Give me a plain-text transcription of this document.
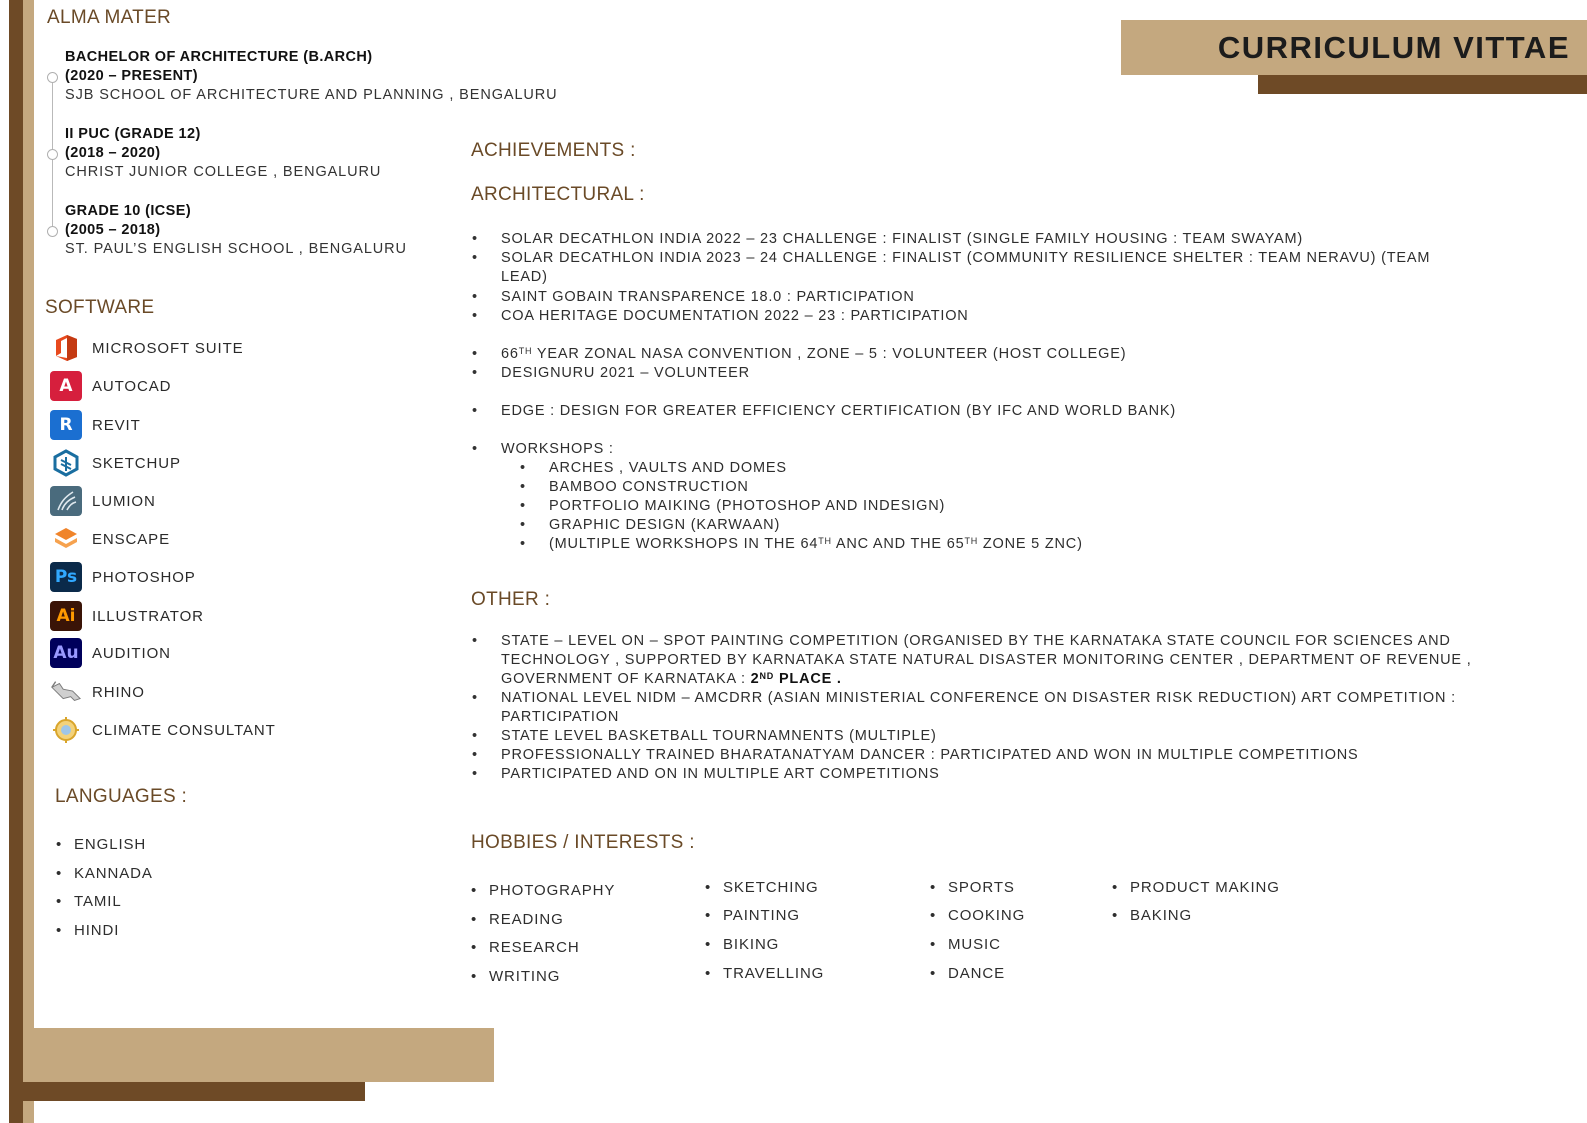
CURRICULUM VITTAE
ALMA MATER
BACHELOR OF ARCHITECTURE (B.ARCH)
(2020 – PRESENT)
SJB SCHOOL OF ARCHITECTURE AND PLANNING , BENGALURU
II PUC (GRADE 12)
(2018 – 2020)
CHRIST JUNIOR COLLEGE , BENGALURU
GRADE 10 (ICSE)
(2005 – 2018)
ST. PAUL’S ENGLISH SCHOOL , BENGALURU
SOFTWARE
MICROSOFT SUITE
A	AUTOCAD
R	REVIT
SKETCHUP
LUMION
ENSCAPE
Ps PHOTOSHOP
Ai	ILLUSTRATOR
Au AUDITION
RHINO
CLIMATE CONSULTANT
LANGUAGES :
• ENGLISH
• KANNADA
• TAMIL
• HINDI
ACHIEVEMENTS :
ARCHITECTURAL :
• SOLAR DECATHLON INDIA 2022 – 23 CHALLENGE : FINALIST (SINGLE FAMILY HOUSING : TEAM SWAYAM)
• SOLAR DECATHLON INDIA 2023 – 24 CHALLENGE : FINALIST (COMMUNITY RESILIENCE SHELTER : TEAM NERAVU) (TEAM
LEAD)
• SAINT GOBAIN TRANSPARENCE 18.0 : PARTICIPATION
• COA HERITAGE DOCUMENTATION 2022 – 23 : PARTICIPATION
• 66TH YEAR ZONAL NASA CONVENTION , ZONE – 5 : VOLUNTEER (HOST COLLEGE)
• DESIGNURU 2021 – VOLUNTEER
• EDGE : DESIGN FOR GREATER EFFICIENCY CERTIFICATION (BY IFC AND WORLD BANK)
• WORKSHOPS :
• ARCHES , VAULTS AND DOMES
• BAMBOO CONSTRUCTION
• PORTFOLIO MAIKING (PHOTOSHOP AND INDESIGN)
• GRAPHIC DESIGN (KARWAAN)
• (MULTIPLE WORKSHOPS IN THE 64TH ANC AND THE 65TH ZONE 5 ZNC)
OTHER :
• STATE – LEVEL ON – SPOT PAINTING COMPETITION (ORGANISED BY THE KARNATAKA STATE COUNCIL FOR SCIENCES AND
TECHNOLOGY , SUPPORTED BY KARNATAKA STATE NATURAL DISASTER MONITORING CENTER , DEPARTMENT OF REVENUE ,
GOVERNMENT OF KARNATAKA : 2ND PLACE .
• NATIONAL LEVEL NIDM – AMCDRR (ASIAN MINISTERIAL CONFERENCE ON DISASTER RISK REDUCTION) ART COMPETITION :
PARTICIPATION
• STATE LEVEL BASKETBALL TOURNAMNENTS (MULTIPLE)
• PROFESSIONALLY TRAINED BHARATANATYAM DANCER : PARTICIPATED AND WON IN MULTIPLE COMPETITIONS
• PARTICIPATED AND ON IN MULTIPLE ART COMPETITIONS
HOBBIES / INTERESTS :
• PHOTOGRAPHY
• READING
• RESEARCH
• WRITING
• SKETCHING
• PAINTING
• BIKING
• TRAVELLING
• SPORTS
• COOKING
• MUSIC
• DANCE
• PRODUCT MAKING
• BAKING
